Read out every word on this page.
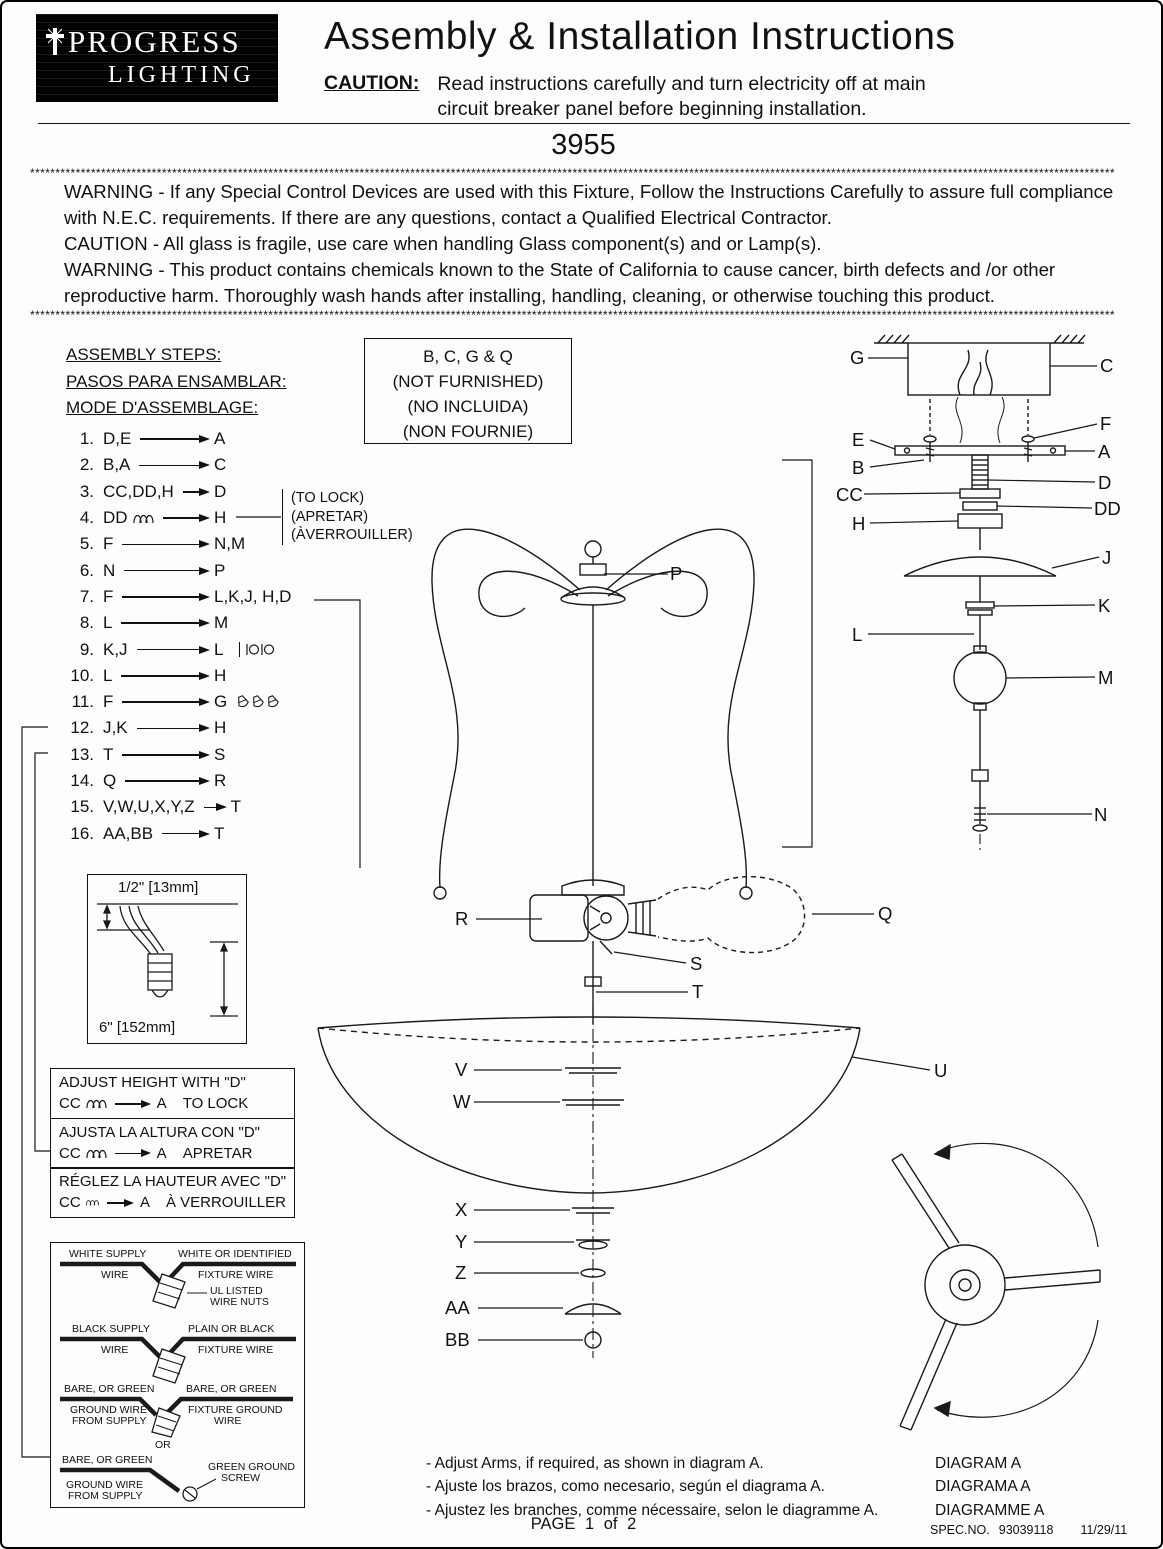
PROGRESS
LIGHTING
Assembly & Installation Instructions
CAUTION: Read instructions carefully and turn electricity off at main
circuit breaker panel before beginning installation.
3955
**********************************************************************************************************************************************************************************************************************

WARNING - If any Special Control Devices are used with this Fixture, Follow the Instructions Carefully to assure full compliance with N.E.C. requirements. If there are any questions, contact a Qualified Electrical Contractor.

CAUTION - All glass is fragile, use care when handling Glass component(s) and or Lamp(s).

WARNING - This product contains chemicals known to the State of California to cause cancer, birth defects and /or other reproductive harm. Thoroughly wash hands after installing, handling, cleaning, or otherwise touching this product.

**********************************************************************************************************************************************************************************************************************
ASSEMBLY STEPS:
PASOS PARA ENSAMBLAR:
MODE D'ASSEMBLAGE:
1. D,E	A
2. B,A	C
3. CC,DD,H D
4. DD	H
5. F	N,M
6. N	P
7. F	L,K,J, H,D
8. L	M
9. K,J	L
10. L	H
11. F	G
12. J,K	H
13. T	S
14. Q	R
15. V,W,U,X,Y,Z T
16. AA,BB	T
(TO LOCK)
(APRETAR)
(ÀVERROUILLER)
B, C, G & Q
(NOT FURNISHED)
(NO INCLUIDA)
(NON FOURNIE)
1/2" [13mm]
6" [152mm]
ADJUST HEIGHT WITH "D"
CC	A TO LOCK
AJUSTA LA ALTURA CON "D"
CC	A APRETAR
RÉGLEZ LA HAUTEUR AVEC "D"
CC	A À VERROUILLER
WHITE SUPPLY	WHITE OR IDENTIFIED
WIRE	FIXTURE WIRE
UL LISTED
WIRE NUTS
BLACK SUPPLY	PLAIN OR BLACK
WIRE	FIXTURE WIRE
BARE, OR GREEN	BARE, OR GREEN
GROUND WIRE
FROM SUPPLY
FIXTURE GROUND
WIRE
OR
BARE, OR GREEN
GROUND WIRE
FROM SUPPLY
GREEN GROUND
SCREW
P
R	Q
S
T
V
W
U
X
Y
Z
AA
BB
G	C
E
F
A
B
CC
D
DD
H
J
K
L
M
N
- Adjust Arms, if required, as shown in diagram A.
- Ajuste los brazos, como necesario, según el diagrama A.
- Ajustez les branches, comme nécessaire, selon le diagramme A.
DIAGRAM A
DIAGRAMA A
DIAGRAMME A
PAGE 1 of 2	SPEC.NO. 93039118 11/29/11
